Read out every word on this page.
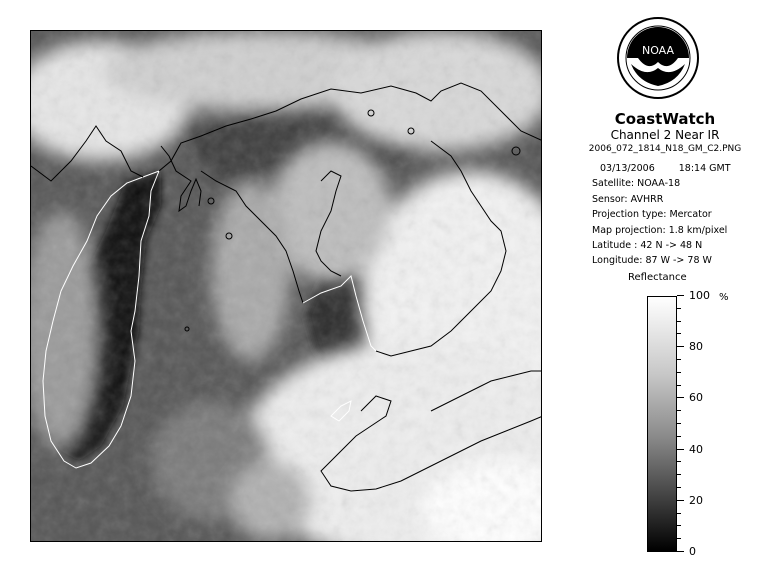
NOAA
CoastWatch
Channel 2 Near IR
2006_072_1814_N18_GM_C2.PNG
03/13/2006	18:14 GMT
Satellite: NOAA-18
Sensor: AVHRR
Projection type: Mercator
Map projection: 1.8 km/pixel
Latitude : 42 N -> 48 N
Longitude: 87 W -> 78 W
Reflectance
%
100
80
60
40
20
0
